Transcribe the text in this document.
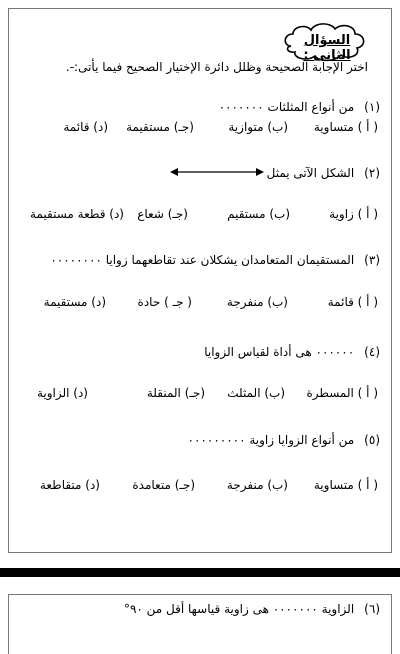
السؤال الثانى :
اختر الإجابة الصحيحة وظلل دائرة الإختيار الصحيح فيما يأتى:-.
(١)
من أنواع المثلثات ٠٠٠٠٠٠٠
( أ ) متساوية
(ب) متوازية
(جـ) مستقيمة
(د) قائمة
(٢)
الشكل الآتى يمثل
( أ ) زاوية
(ب) مستقيم
(جـ) شعاع
(د) قطعة مستقيمة
(٣)
المستقيمان المتعامدان يشكلان عند تقاطعهما زوايا ٠٠٠٠٠٠٠٠
( أ ) قائمة
(ب) منفرجة
( جـ ) حادة
(د) مستقيمة
(٤)
٠٠٠٠٠٠ هى أداة لقياس الزوايا
( أ ) المسطرة
(ب) المثلث
(جـ) المنقلة
(د) الزاوية
(٥)
من أنواع الزوايا زاوية ٠٠٠٠٠٠٠٠٠
( أ ) متساوية
(ب) منفرجة
(جـ) متعامدة
(د) متقاطعة
(٦)
الزاوية ٠٠٠٠٠٠٠ هى زاوية قياسها أقل من ٩٠°
